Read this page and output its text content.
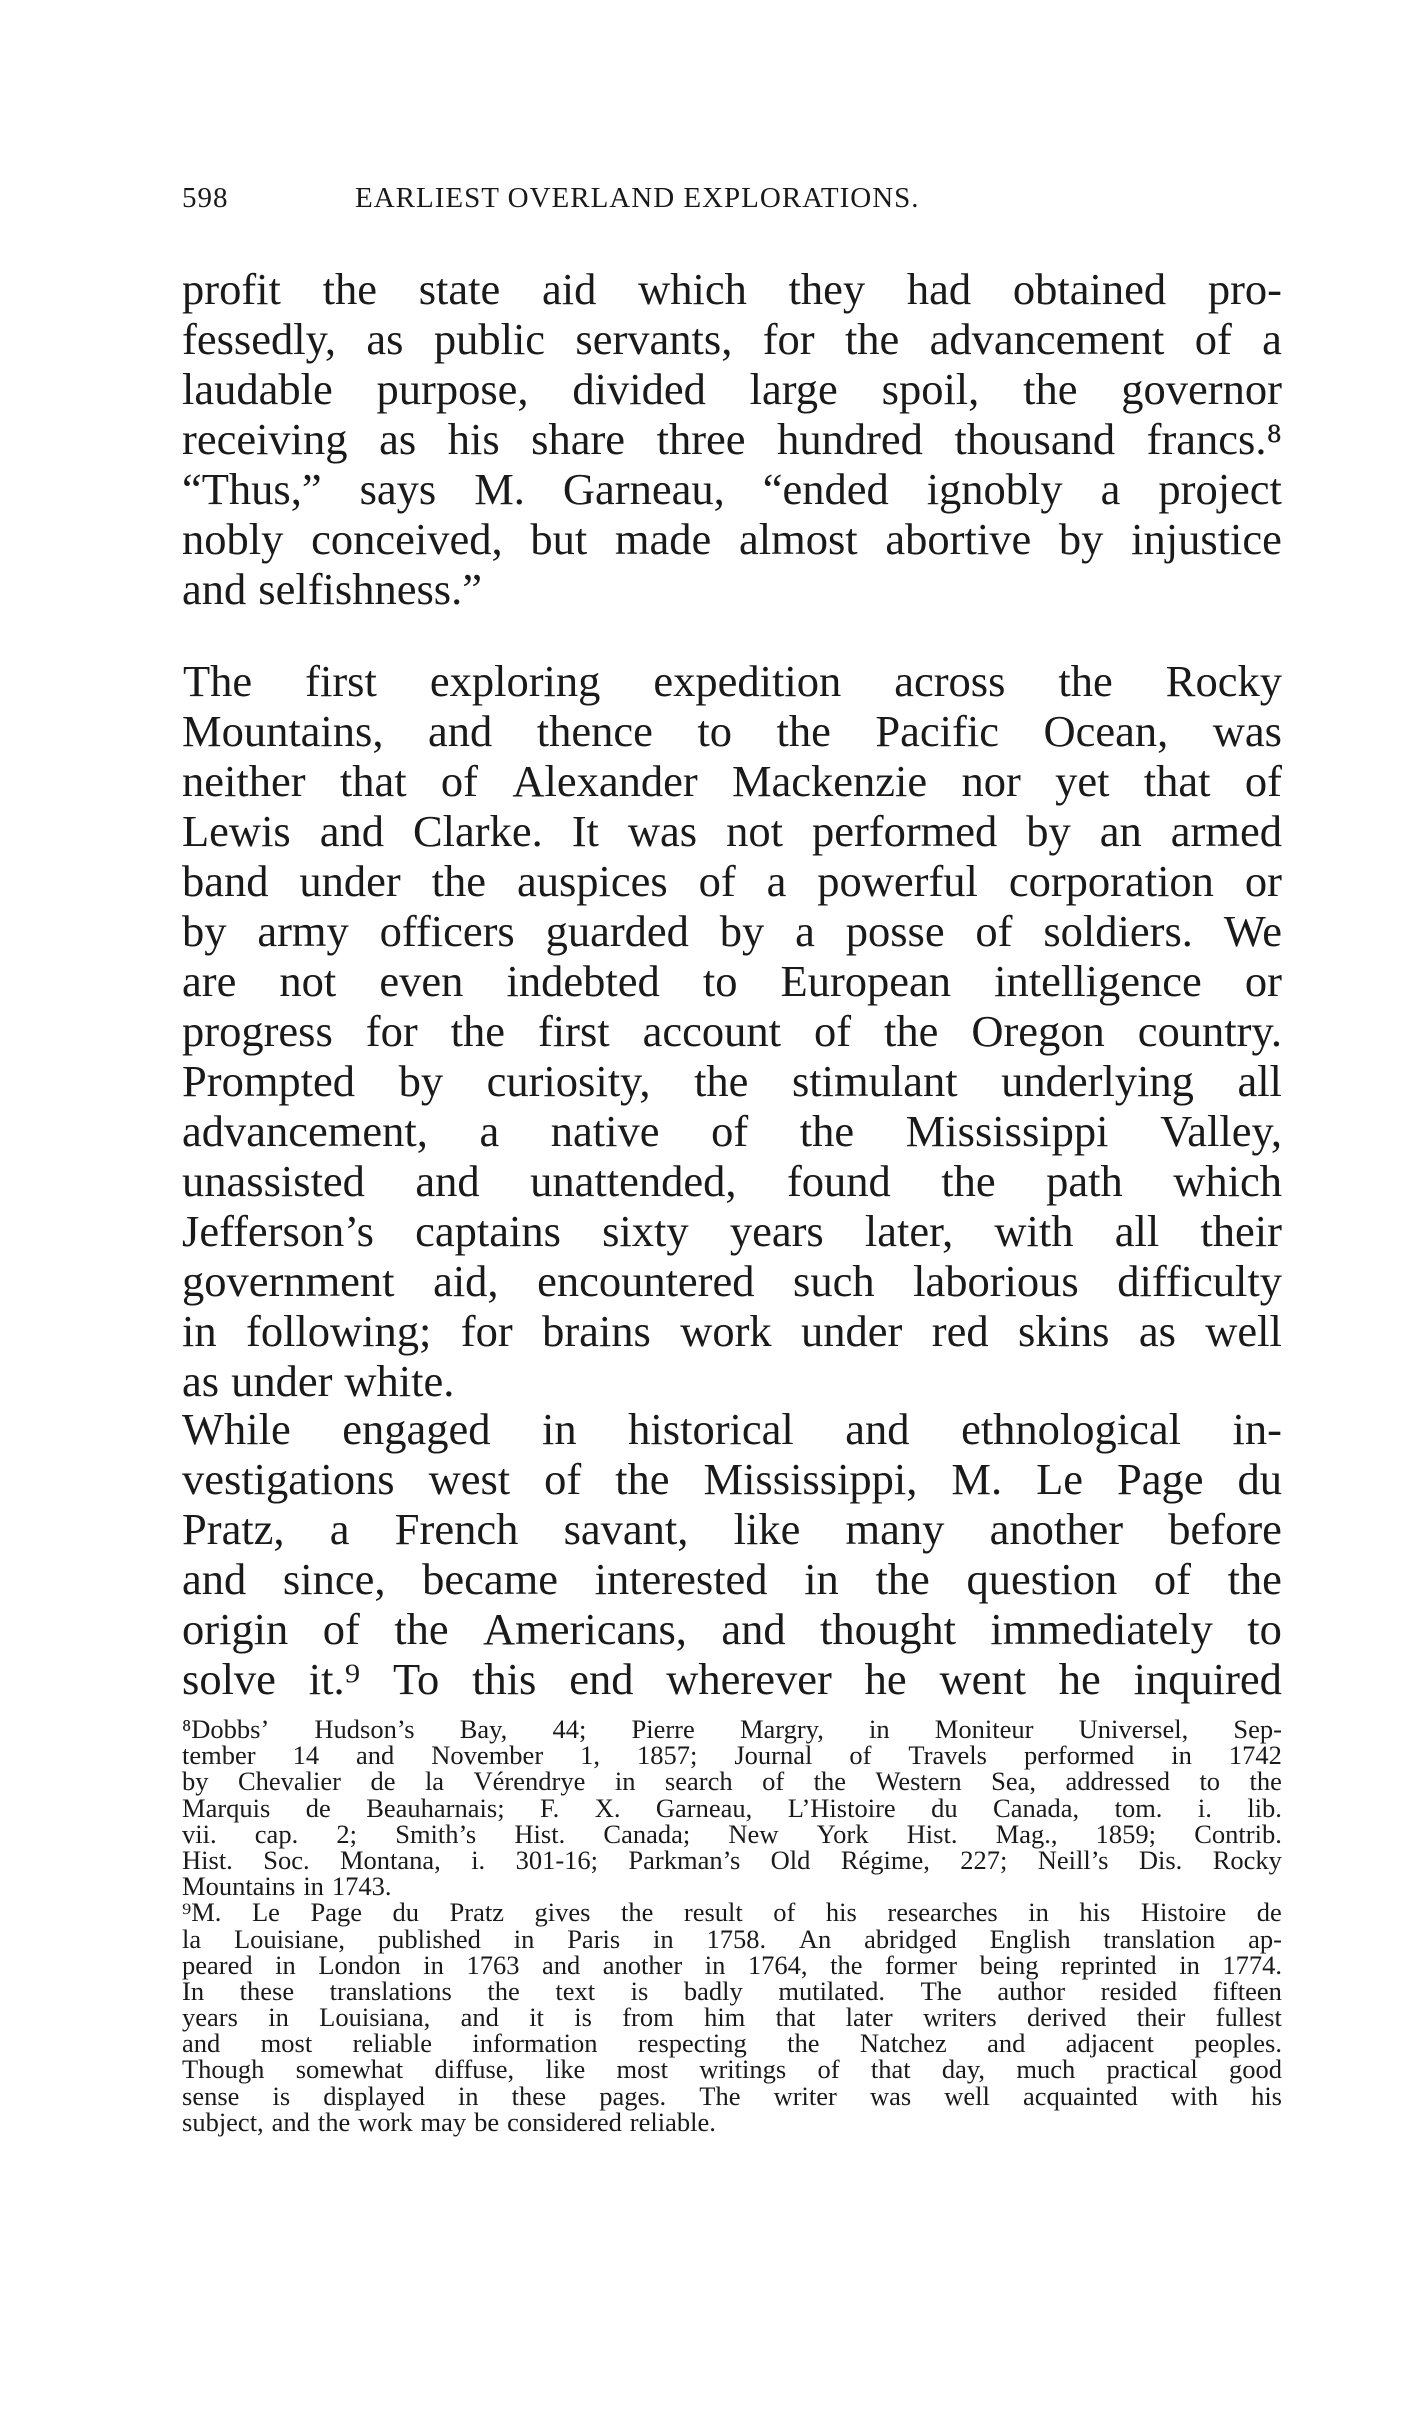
598	EARLIEST OVERLAND EXPLORATIONS.
profit the state aid which they had obtained pro-
fessedly, as public servants, for the advancement of a
laudable purpose, divided large spoil, the governor
receiving as his share three hundred thousand francs.⁸
“Thus,” says M. Garneau, “ended ignobly a project
nobly conceived, but made almost abortive by injustice
and selfishness.”
The first exploring expedition across the Rocky
Mountains, and thence to the Pacific Ocean, was
neither that of Alexander Mackenzie nor yet that of
Lewis and Clarke. It was not performed by an armed
band under the auspices of a powerful corporation or
by army officers guarded by a posse of soldiers. We
are not even indebted to European intelligence or
progress for the first account of the Oregon country.
Prompted by curiosity, the stimulant underlying all
advancement, a native of the Mississippi Valley,
unassisted and unattended, found the path which
Jefferson’s captains sixty years later, with all their
government aid, encountered such laborious difficulty
in following; for brains work under red skins as well
as under white.
While engaged in historical and ethnological in-
vestigations west of the Mississippi, M. Le Page du
Pratz, a French savant, like many another before
and since, became interested in the question of the
origin of the Americans, and thought immediately to
solve it.⁹ To this end wherever he went he inquired
⁸Dobbs’ Hudson’s Bay, 44; Pierre Margry, in Moniteur Universel, Sep-
tember 14 and November 1, 1857; Journal of Travels performed in 1742
by Chevalier de la Vérendrye in search of the Western Sea, addressed to the
Marquis de Beauharnais; F. X. Garneau, L’Histoire du Canada, tom. i. lib.
vii. cap. 2; Smith’s Hist. Canada; New York Hist. Mag., 1859; Contrib.
Hist. Soc. Montana, i. 301-16; Parkman’s Old Régime, 227; Neill’s Dis. Rocky
Mountains in 1743.
⁹M. Le Page du Pratz gives the result of his researches in his Histoire de
la Louisiane, published in Paris in 1758. An abridged English translation ap-
peared in London in 1763 and another in 1764, the former being reprinted in 1774.
In these translations the text is badly mutilated. The author resided fifteen
years in Louisiana, and it is from him that later writers derived their fullest
and most reliable information respecting the Natchez and adjacent peoples.
Though somewhat diffuse, like most writings of that day, much practical good
sense is displayed in these pages. The writer was well acquainted with his
subject, and the work may be considered reliable.
